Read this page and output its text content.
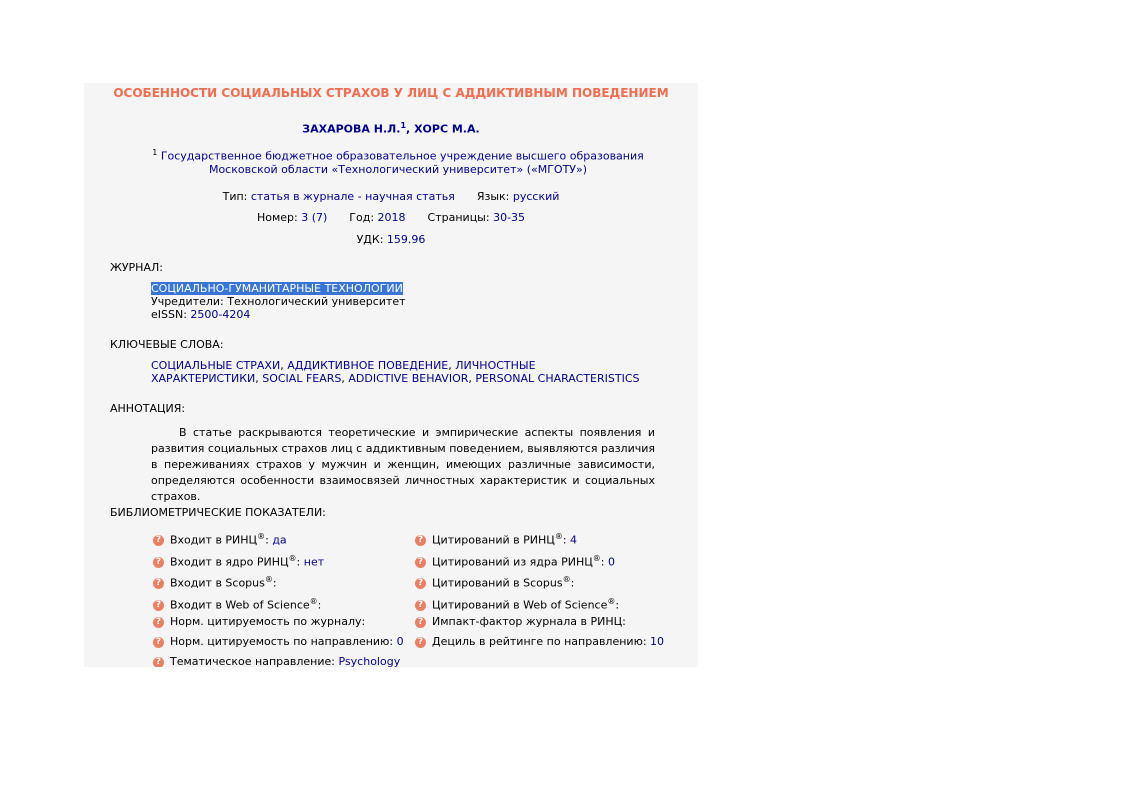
ОСОБЕННОСТИ СОЦИАЛЬНЫХ СТРАХОВ У ЛИЦ С АДДИКТИВНЫМ ПОВЕДЕНИЕМ
ЗАХАРОВА Н.Л.$^1$, ХОРС М.А.
$^1$ Государственное бюджетное образовательное учреждение высшего образования Московской области «Технологический университет» («МГОТУ»)
Тип: статья в журнале - научная статья Язык: русский
Номер: 3 (7) Год: 2018 Страницы: 30-35
УДК: 159.96
ЖУРНАЛ:
СОЦИАЛЬНО-ГУМАНИТАРНЫЕ ТЕХНОЛОГИИ
Учредители: Технологический университет
eISSN: 2500-4204
КЛЮЧЕВЫЕ СЛОВА:
СОЦИАЛЬНЫЕ СТРАХИ, АДДИКТИВНОЕ ПОВЕДЕНИЕ, ЛИЧНОСТНЫЕ ХАРАКТЕРИСТИКИ, SOCIAL FEARS, ADDICTIVE BEHAVIOR, PERSONAL CHARACTERISTICS
АННОТАЦИЯ:
В статье раскрываются теоретические и эмпирические аспекты появления и развития социальных страхов лиц с аддиктивным поведением, выявляются различия в переживаниях страхов у мужчин и женщин, имеющих различные зависимости, определяются особенности взаимосвязей личностных характеристик и социальных страхов.
БИБЛИОМЕТРИЧЕСКИЕ ПОКАЗАТЕЛИ:
? Входит в РИНЦ®: да
? Входит в ядро РИНЦ®: нет
? Входит в Scopus®:
? Входит в Web of Science®:
? Норм. цитируемость по журналу:
? Норм. цитируемость по направлению: 0
? Тематическое направление: Psychology
? Цитирований в РИНЦ®: 4
? Цитирований из ядра РИНЦ®: 0
? Цитирований в Scopus®:
? Цитирований в Web of Science®:
? Импакт-фактор журнала в РИНЦ:
? Дециль в рейтинге по направлению: 10
